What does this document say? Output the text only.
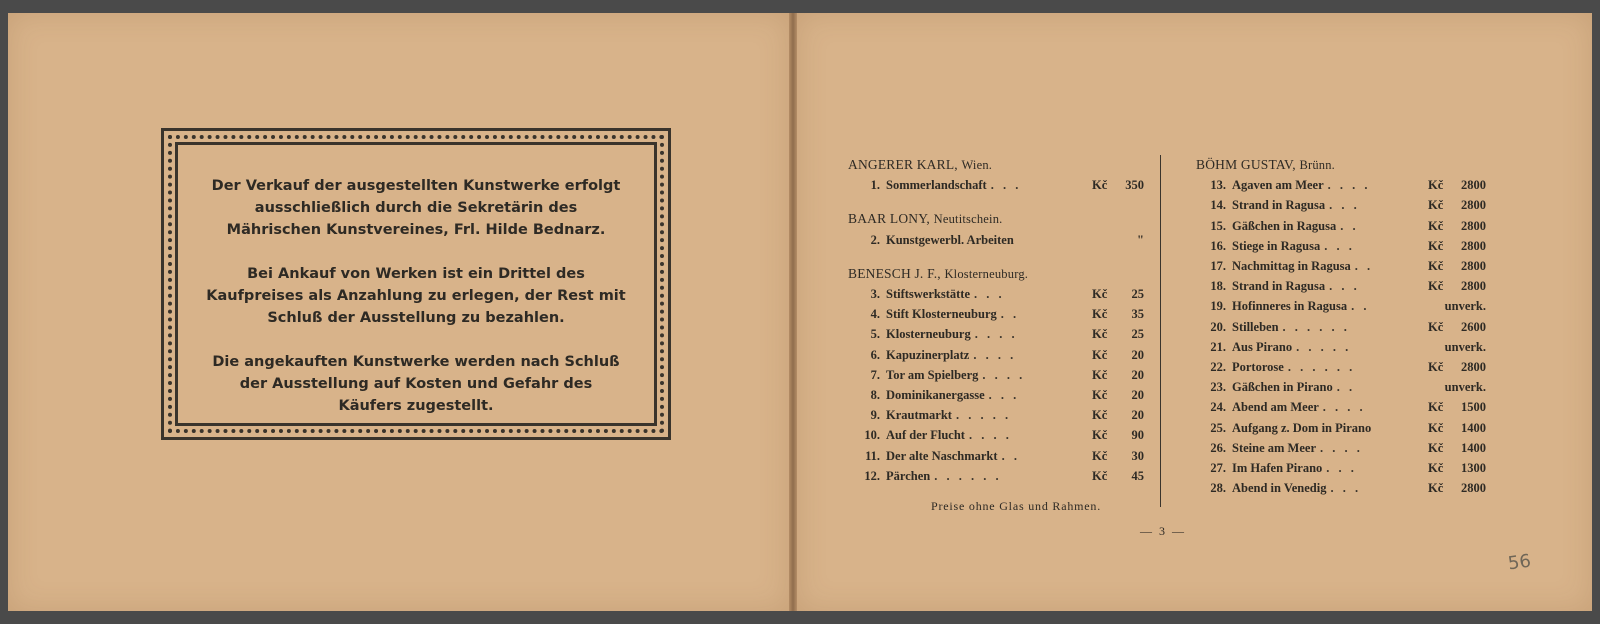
Der Verkauf der ausgestellten Kunstwerke erfolgt ausschließlich durch die Sekretärin des Mährischen Kunstvereines, Frl. Hilde Bednarz.

Bei Ankauf von Werken ist ein Drittel des Kaufpreises als Anzahlung zu erlegen, der Rest mit Schluß der Ausstellung zu bezahlen.

Die angekauften Kunstwerke werden nach Schluß der Ausstellung auf Kosten und Gefahr des Käufers zugestellt.

ANGERER KARL, Wien.
1. Sommerlandschaft . . .	Kč	350
BAAR LONY, Neutitschein.
2. Kunstgewerbl. Arbeiten	"
BENESCH J. F., Klosterneuburg.
3. Stiftswerkstätte . . .	Kč	25
4. Stift Klosterneuburg . .	Kč	35
5. Klosterneuburg . . . .	Kč	25
6. Kapuzinerplatz . . . .	Kč	20
7. Tor am Spielberg . . . .	Kč	20
8. Dominikanergasse . . .	Kč	20
9. Krautmarkt . . . . .	Kč	20
10. Auf der Flucht . . . .	Kč	90
11. Der alte Naschmarkt . .	Kč	30
12. Pärchen . . . . . .	Kč	45
Preise ohne Glas und Rahmen.
BÖHM GUSTAV, Brünn.
13. Agaven am Meer . . . .	Kč	2800
14. Strand in Ragusa . . .	Kč	2800
15. Gäßchen in Ragusa . .	Kč	2800
16. Stiege in Ragusa . . .	Kč	2800
17. Nachmittag in Ragusa . .	Kč	2800
18. Strand in Ragusa . . .	Kč	2800
19. Hofinneres in Ragusa . .	unverk.
20. Stilleben . . . . . .	Kč	2600
21. Aus Pirano . . . . .	unverk.
22. Portorose . . . . . .	Kč	2800
23. Gäßchen in Pirano . .	unverk.
24. Abend am Meer . . . .	Kč	1500
25. Aufgang z. Dom in Pirano	Kč	1400
26. Steine am Meer . . . .	Kč	1400
27. Im Hafen Pirano . . .	Kč	1300
28. Abend in Venedig . . .	Kč	2800
— 3 —
56
